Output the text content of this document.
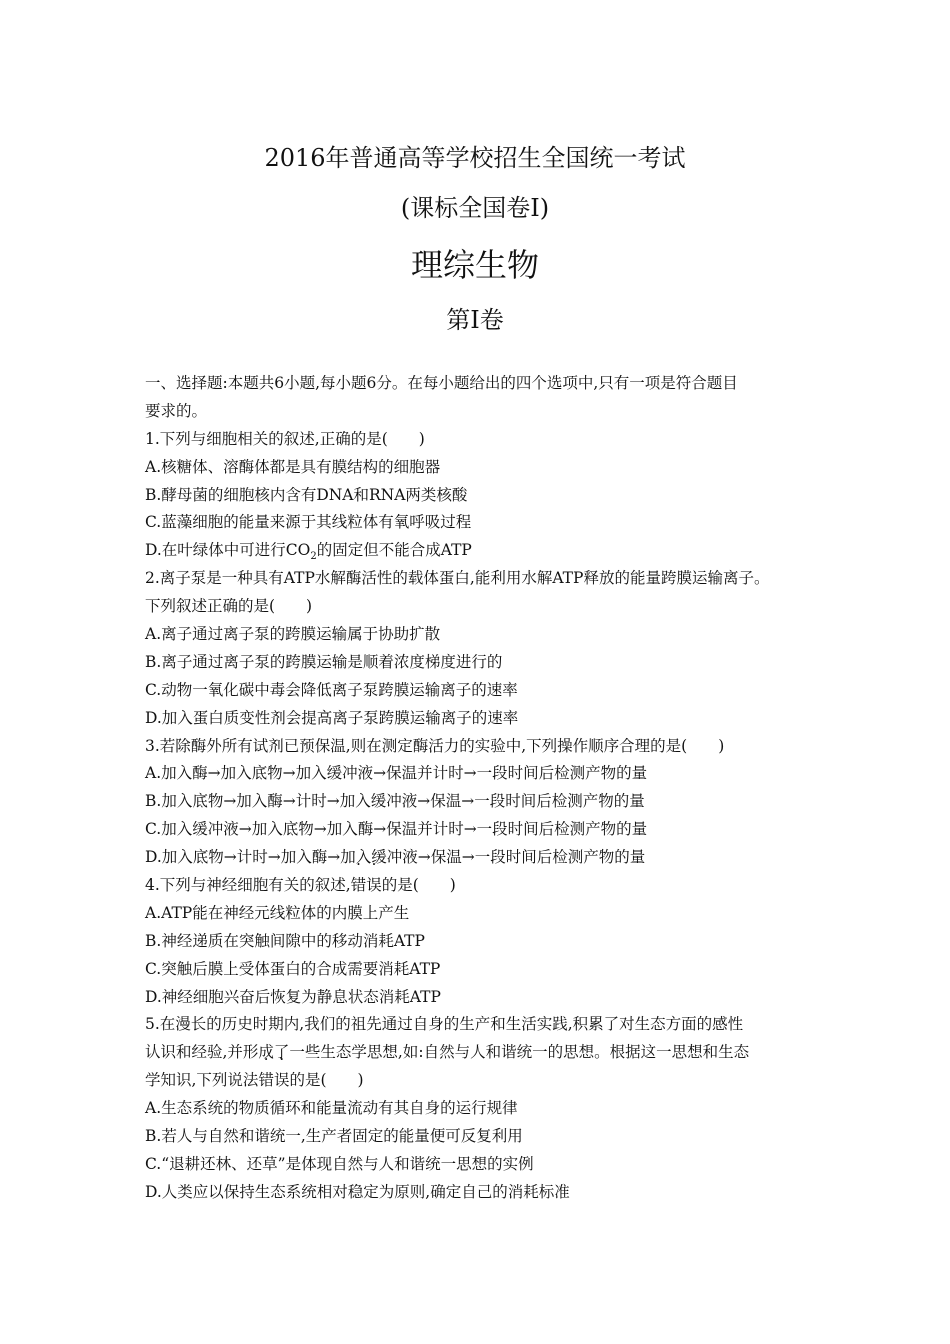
2016年普通高等学校招生全国统一考试
(课标全国卷Ⅰ)
理综生物
第Ⅰ卷
一、选择题:本题共6小题,每小题6分。在每小题给出的四个选项中,只有一项是符合题目
要求的。
1.下列与细胞相关的叙述,正确的是(　　)
A.核糖体、溶酶体都是具有膜结构的细胞器
B.酵母菌的细胞核内含有DNA和RNA两类核酸
C.蓝藻细胞的能量来源于其线粒体有氧呼吸过程
D.在叶绿体中可进行$CO_2$的固定但不能合成ATP
2.离子泵是一种具有ATP水解酶活性的载体蛋白,能利用水解ATP释放的能量跨膜运输离子。
下列叙述正确的是(　　)
A.离子通过离子泵的跨膜运输属于协助扩散
B.离子通过离子泵的跨膜运输是顺着浓度梯度进行的
C.动物一氧化碳中毒会降低离子泵跨膜运输离子的速率
D.加入蛋白质变性剂会提高离子泵跨膜运输离子的速率
3.若除酶外所有试剂已预保温,则在测定酶活力的实验中,下列操作顺序合理的是(　　)
A.加入酶→加入底物→加入缓冲液→保温并计时→一段时间后检测产物的量
B.加入底物→加入酶→计时→加入缓冲液→保温→一段时间后检测产物的量
C.加入缓冲液→加入底物→加入酶→保温并计时→一段时间后检测产物的量
D.加入底物→计时→加入酶→加入缓冲液→保温→一段时间后检测产物的量
4.下列与神经细胞有关的叙述,错误的是(　　)
A.ATP能在神经元线粒体的内膜上产生
B.神经递质在突触间隙中的移动消耗ATP
C.突触后膜上受体蛋白的合成需要消耗ATP
D.神经细胞兴奋后恢复为静息状态消耗ATP
5.在漫长的历史时期内,我们的祖先通过自身的生产和生活实践,积累了对生态方面的感性
认识和经验,并形成了一些生态学思想,如:自然与人和谐统一的思想。根据这一思想和生态
学知识,下列说法错误的是(　　)
A.生态系统的物质循环和能量流动有其自身的运行规律
B.若人与自然和谐统一,生产者固定的能量便可反复利用
C.“退耕还林、还草”是体现自然与人和谐统一思想的实例
D.人类应以保持生态系统相对稳定为原则,确定自己的消耗标准
